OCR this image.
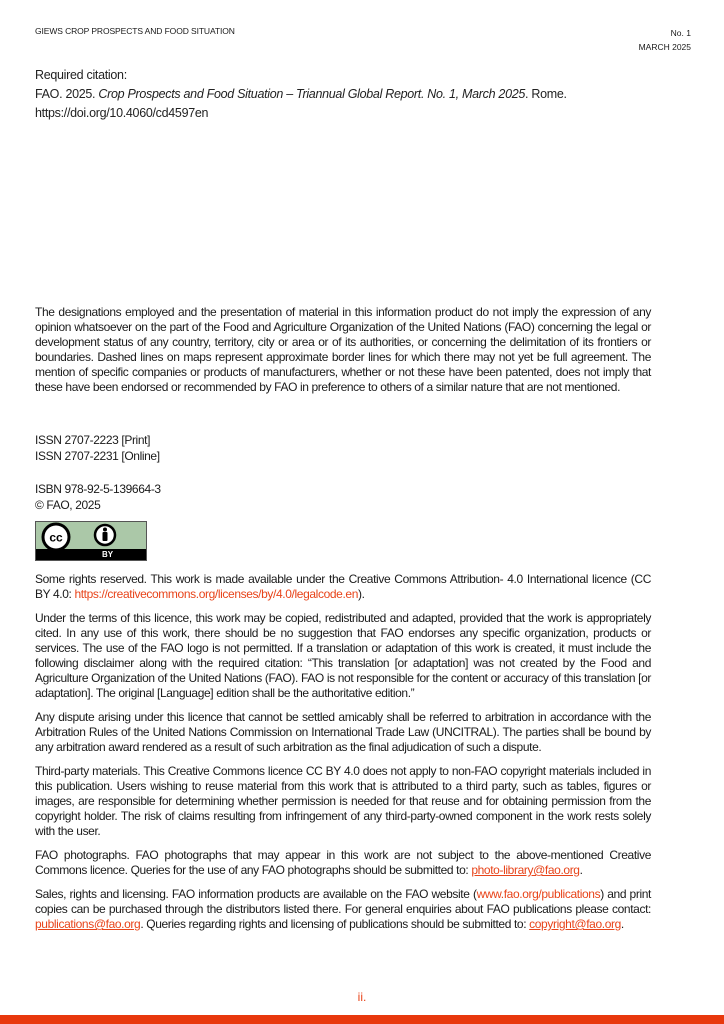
GIEWS CROP PROSPECTS AND FOOD SITUATION	No. 1
MARCH 2025
Required citation:
FAO. 2025. Crop Prospects and Food Situation – Triannual Global Report. No. 1, March 2025. Rome.
https://doi.org/10.4060/cd4597en
The designations employed and the presentation of material in this information product do not imply the expression of any opinion whatsoever on the part of the Food and Agriculture Organization of the United Nations (FAO) concerning the legal or development status of any country, territory, city or area or of its authorities, or concerning the delimitation of its frontiers or boundaries. Dashed lines on maps represent approximate border lines for which there may not yet be full agreement. The mention of specific companies or products of manufacturers, whether or not these have been patented, does not imply that these have been endorsed or recommended by FAO in preference to others of a similar nature that are not mentioned.
ISSN 2707-2223 [Print]
ISSN 2707-2231 [Online]
ISBN 978-92-5-139664-3
© FAO, 2025
cc
BY

Some rights reserved. This work is made available under the Creative Commons Attribution- 4.0 International licence (CC BY 4.0: https://creativecommons.org/licenses/by/4.0/legalcode.en).

Under the terms of this licence, this work may be copied, redistributed and adapted, provided that the work is appropriately cited. In any use of this work, there should be no suggestion that FAO endorses any specific organization, products or services. The use of the FAO logo is not permitted. If a translation or adaptation of this work is created, it must include the following disclaimer along with the required citation: “This translation [or adaptation] was not created by the Food and Agriculture Organization of the United Nations (FAO). FAO is not responsible for the content or accuracy of this translation [or adaptation]. The original [Language] edition shall be the authoritative edition.”

Any dispute arising under this licence that cannot be settled amicably shall be referred to arbitration in accordance with the Arbitration Rules of the United Nations Commission on International Trade Law (UNCITRAL). The parties shall be bound by any arbitration award rendered as a result of such arbitration as the final adjudication of such a dispute.

Third-party materials. This Creative Commons licence CC BY 4.0 does not apply to non-FAO copyright materials included in this publication. Users wishing to reuse material from this work that is attributed to a third party, such as tables, figures or images, are responsible for determining whether permission is needed for that reuse and for obtaining permission from the copyright holder. The risk of claims resulting from infringement of any third-party-owned component in the work rests solely with the user.

FAO photographs. FAO photographs that may appear in this work are not subject to the above-mentioned Creative Commons licence. Queries for the use of any FAO photographs should be submitted to: photo-library@fao.org.

Sales, rights and licensing. FAO information products are available on the FAO website (www.fao.org/publications) and print copies can be purchased through the distributors listed there. For general enquiries about FAO publications please contact: publications@fao.org. Queries regarding rights and licensing of publications should be submitted to: copyright@fao.org.

ii.
